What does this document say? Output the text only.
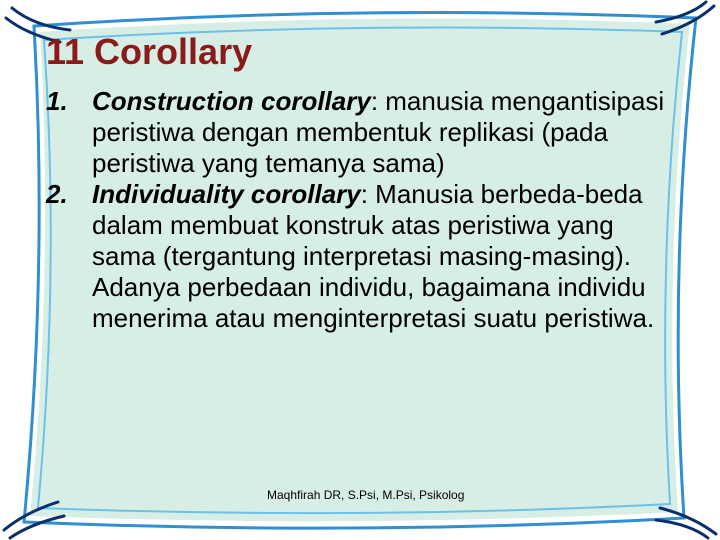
11 Corollary
1. Construction corollary: manusia mengantisipasi peristiwa dengan membentuk replikasi (pada peristiwa yang temanya sama)
2. Individuality corollary: Manusia berbeda-beda dalam membuat konstruk atas peristiwa yang sama (tergantung interpretasi masing-masing). Adanya perbedaan individu, bagaimana individu menerima atau menginterpretasi suatu peristiwa.
Maqhfirah DR, S.Psi, M.Psi, Psikolog
